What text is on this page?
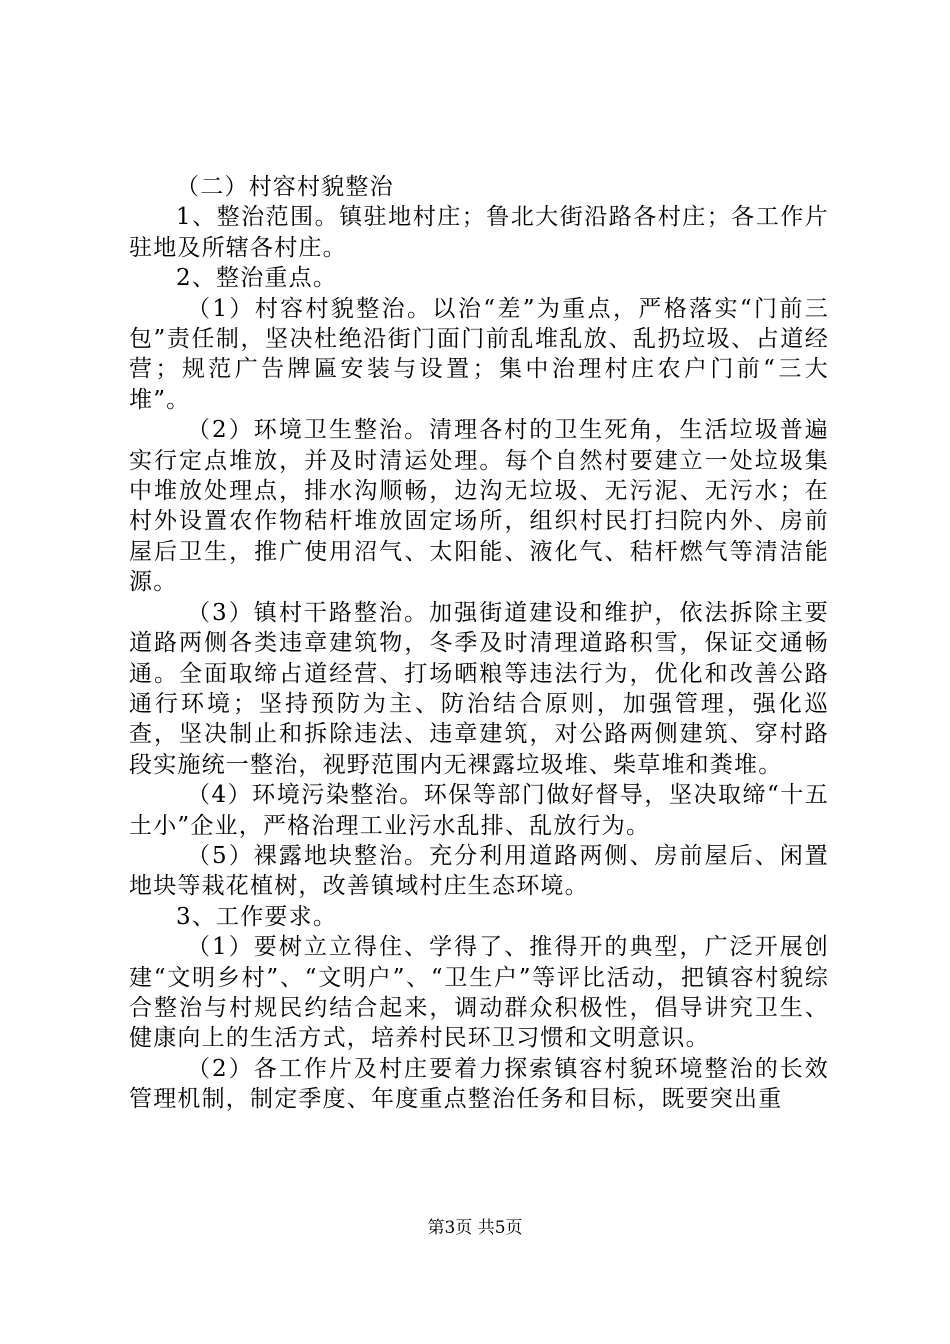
（二）村容村貌整治

1、整治范围。镇驻地村庄；鲁北大街沿路各村庄；各工作片驻地及所辖各村庄。

2、整治重点。

（1）村容村貌整治。以治“差”为重点，严格落实“门前三包”责任制，坚决杜绝沿街门面门前乱堆乱放、乱扔垃圾、占道经营；规范广告牌匾安装与设置；集中治理村庄农户门前“三大堆”。

（2）环境卫生整治。清理各村的卫生死角，生活垃圾普遍实行定点堆放，并及时清运处理。每个自然村要建立一处垃圾集中堆放处理点，排水沟顺畅，边沟无垃圾、无污泥、无污水；在村外设置农作物秸杆堆放固定场所，组织村民打扫院内外、房前屋后卫生，推广使用沼气、太阳能、液化气、秸杆燃气等清洁能源。

（3）镇村干路整治。加强街道建设和维护，依法拆除主要道路两侧各类违章建筑物，冬季及时清理道路积雪，保证交通畅通。全面取缔占道经营、打场晒粮等违法行为，优化和改善公路通行环境；坚持预防为主、防治结合原则，加强管理，强化巡查，坚决制止和拆除违法、违章建筑，对公路两侧建筑、穿村路段实施统一整治，视野范围内无裸露垃圾堆、柴草堆和粪堆。

（4）环境污染整治。环保等部门做好督导，坚决取缔“十五土小”企业，严格治理工业污水乱排、乱放行为。

（5）裸露地块整治。充分利用道路两侧、房前屋后、闲置地块等栽花植树，改善镇域村庄生态环境。

3、工作要求。

（1）要树立立得住、学得了、推得开的典型，广泛开展创建“文明乡村”、“文明户”、“卫生户”等评比活动，把镇容村貌综合整治与村规民约结合起来，调动群众积极性，倡导讲究卫生、健康向上的生活方式，培养村民环卫习惯和文明意识。

（2）各工作片及村庄要着力探索镇容村貌环境整治的长效管理机制，制定季度、年度重点整治任务和目标，既要突出重

第3页 共5页
